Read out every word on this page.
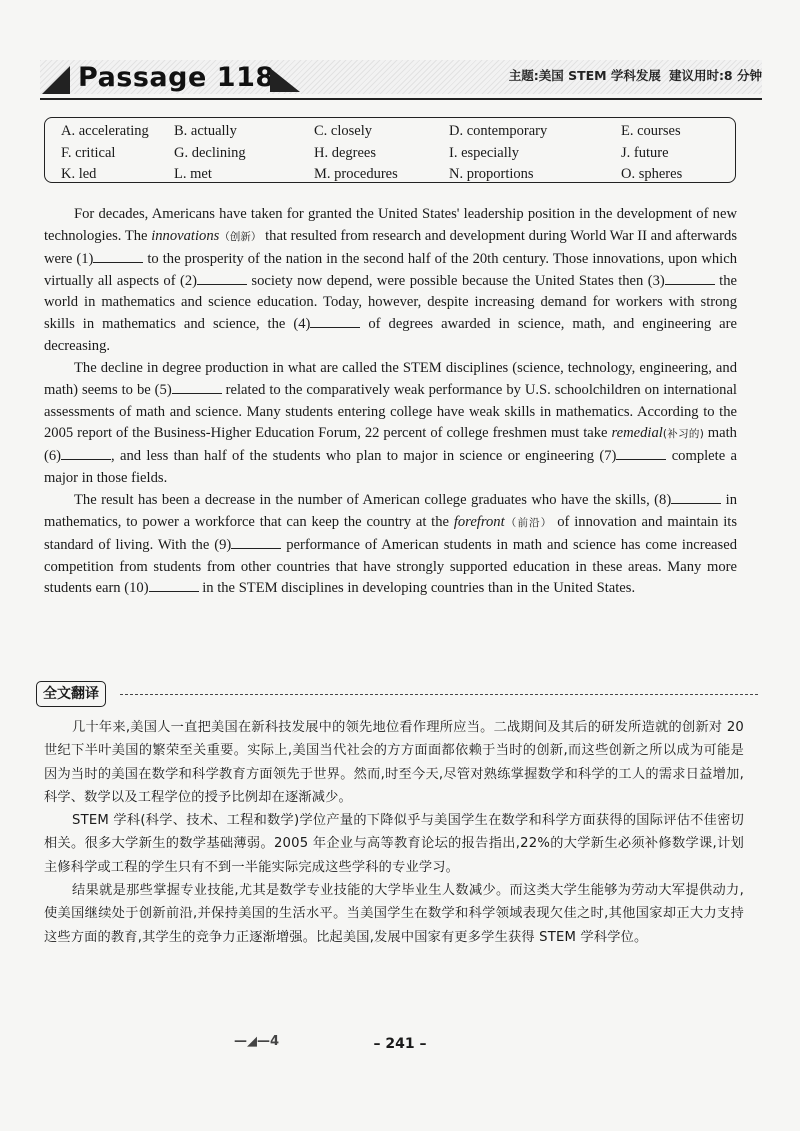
Passage 118	主题:美国 STEM 学科发展 建议用时:8 分钟
A. accelerating	B. actually	C. closely	D. contemporary	E. courses
F. critical	G. declining	H. degrees	I. especially	J. future
K. led	L. met	M. procedures	N. proportions	O. spheres

For decades, Americans have taken for granted the United States' leadership position in the development of new technologies. The innovations（创新） that resulted from research and development during World War II and afterwards were (1)	to the prosperity of the nation in the second half of the 20th century. Those innovations, upon which virtually all aspects of (2)	society now depend, were possible because the United States then (3)	the world in mathematics and science education. Today, however, despite increasing demand for workers with strong skills in mathematics and science, the (4)	of degrees awarded in science, math, and engineering are decreasing.

The decline in degree production in what are called the STEM disciplines (science, technology, engineering, and math) seems to be (5)	related to the comparatively weak performance by U.S. schoolchildren on international assessments of math and science. Many students entering college have weak skills in mathematics. According to the 2005 report of the Business-Higher Education Forum, 22 percent of college freshmen must take remedial(补习的) math (6)	, and less than half of the students who plan to major in science or engineering (7)	complete a major in those fields.

The result has been a decrease in the number of American college graduates who have the skills, (8)	in mathematics, to power a workforce that can keep the country at the forefront（前沿） of innovation and maintain its standard of living. With the (9)	performance of American students in math and science has come increased competition from students from other countries that have strongly supported education in these areas. Many more students earn (10)	in the STEM disciplines in developing countries than in the United States.

全文翻译

几十年来,美国人一直把美国在新科技发展中的领先地位看作理所应当。二战期间及其后的研发所造就的创新对 20 世纪下半叶美国的繁荣至关重要。实际上,美国当代社会的方方面面都依赖于当时的创新,而这些创新之所以成为可能是因为当时的美国在数学和科学教育方面领先于世界。然而,时至今天,尽管对熟练掌握数学和科学的工人的需求日益增加,科学、数学以及工程学位的授予比例却在逐渐减少。

STEM 学科(科学、技术、工程和数学)学位产量的下降似乎与美国学生在数学和科学方面获得的国际评估不佳密切相关。很多大学新生的数学基础薄弱。2005 年企业与高等教育论坛的报告指出,22%的大学新生必须补修数学课,计划主修科学或工程的学生只有不到一半能实际完成这些学科的专业学习。

结果就是那些掌握专业技能,尤其是数学专业技能的大学毕业生人数减少。而这类大学生能够为劳动大军提供动力,使美国继续处于创新前沿,并保持美国的生活水平。当美国学生在数学和科学领域表现欠佳之时,其他国家却正大力支持这些方面的教育,其学生的竞争力正逐渐增强。比起美国,发展中国家有更多学生获得 STEM 学科学位。

—◢—4	– 241 –
